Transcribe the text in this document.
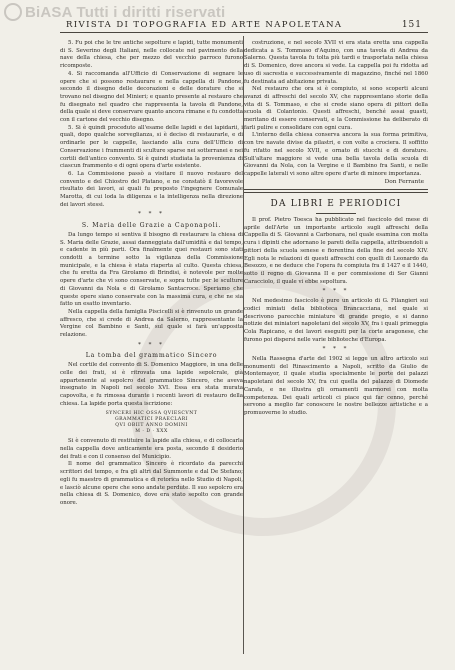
BiASA Tutti i diritti riservati
RIVISTA DI TOPOGRAFIA ED ARTE NAPOLETANA	151

5. Fu poi che le tre antiche sepolture e lapidi, tutte monumenti di S. Severino degli Italiani, nelle collocate nel pavimento della nave della chiesa, che per mezzo del vecchio parroco furono ricomposte.

4. Si raccomanda all'Ufficio di Conservazione di segnare le opere che si possono restaurare e nella cappella di Pandone, secondo il disegno delle decorazioni e delle dorature che si trovano nel disegno del Minieri; e quanto presente al restauro che fu disegnato nel quadro che rappresenta la tavola di Pandone, della quale si deve conservare quanto ancora rimane e fu condotta con il cartone del vecchio disegno.

5. Si è quindi proceduto all'esame delle lapidi e dei lapidarii, i quali, dopo qualche sorveglianza, si è deciso di restaurarle, e di ordinarle per le cappelle, lasciando alla cura dell'Ufficio di Conservazione i frammenti di sculture sparse nei sotterranei e nei cortili dell'antico convento. Si è quindi studiata la provenienza di ciascun frammento e di ogni opera d'arte esistente.

6. La Commissione passò a visitare il nuovo restauro del convento e del Chiostro del Platano, e ne constatò il favorevole risultato dei lavori, ai quali fu preposto l'ingegnere Comunale Marotta, di cui loda la diligenza e la intelligenza nella direzione dei lavori stessi.

* * *
S. Maria delle Grazie a Caponapoli.

Da lungo tempo si sentiva il bisogno di restaurare la chiesa di S. Maria delle Grazie, assai danneggiata dall'umidità e dal tempo, e cadente in più parti. Ora finalmente quei restauri sono stati condotti a termine sotto la vigilanza della Commissione municipale, e la chiesa è stata riaperta al culto. Questa chiesa, che fu eretta da Fra Girolamo di Brindisi, è notevole per molte opere d'arte che vi sono conservate, e sopra tutte per le sculture di Giovanni da Nola e di Girolamo Santacroce. Speriamo che queste opere siano conservate con la massima cura, e che ne sia fatto un esatto inventario.

Nella cappella della famiglia Piscicelli si è rinvenuto un grande affresco, che si crede di Andrea da Salerno, rappresentante la Vergine col Bambino e Santi, sul quale si farà un'apposita relazione.

* * *
La tomba del grammatico Sincero

Nel cortile del convento di S. Domenico Maggiore, in una delle celle dei frati, si è ritrovata una lapide sepolcrale, già appartenente al sepolcro del grammatico Sincero, che aveva insegnato in Napoli nel secolo XVI. Essa era stata murata capovolta, e fu rimossa durante i recenti lavori di restauro della chiesa. La lapide porta questa iscrizione:

SYNCERI HIC OSSA QVIESCVNT
GRAMMATICI PRAECLARI
QVI OBIIT ANNO DOMINI
M · D · XXX

Si è convenuto di restituire la lapide alla chiesa, e di collocarla nella cappella dove anticamente era posta, secondo il desiderio dei frati e con il consenso del Municipio.

Il nome del grammatico Sincero è ricordato da parecchi scrittori del tempo, e fra gli altri dal Summonte e dal De Stefano; egli fu maestro di grammatica e di retorica nello Studio di Napoli, e lasciò alcune opere che sono andate perdute. Il suo sepolcro era nella chiesa di S. Domenico, dove era stato sepolto con grande onore.

costruzione, e nel secolo XVII vi era stata eretta una cappella dedicata a S. Tommaso d'Aquino, con una tavola di Andrea da Salerno. Questa tavola fu tolta più tardi e trasportata nella chiesa di S. Domenico, dove ancora si vede. La cappella poi fu ridotta ad uso di sacrestia e successivamente di magazzino, finché nel 1860 fu destinata ad abitazione privata.

Nel restauro che ora si è compiuto, si sono scoperti alcuni avanzi di affreschi del secolo XV, che rappresentano storie della vita di S. Tommaso, e che si crede siano opera di pittori della scuola di Colantonio. Questi affreschi, benché assai guasti, meritano di essere conservati, e la Commissione ha deliberato di farli pulire e consolidare con ogni cura.

L'interno della chiesa conserva ancora la sua forma primitiva, con tre navate divise da pilastri, e con volte a crociera. Il soffitto fu rifatto nel secolo XVII, e ornato di stucchi e di dorature. Sull'altare maggiore si vede una bella tavola della scuola di Giovanni da Nola, con la Vergine e il Bambino fra Santi, e nelle cappelle laterali vi sono altre opere d'arte di minore importanza.

Don Ferrante
DA LIBRI E PERIODICI

Il prof. Pietro Toesca ha pubblicato nel fascicolo del mese di aprile dell'Arte un importante articolo sugli affreschi della Cappella di S. Giovanni a Carbonara, nel quale esamina con molta cura i dipinti che adornano le pareti della cappella, attribuendoli a pittori della scuola senese e fiorentina della fine del secolo XIV. Egli nota le relazioni di questi affreschi con quelli di Leonardo da Besozzo, e ne deduce che l'opera fu compiuta fra il 1427 e il 1440, sotto il regno di Giovanna II e per commissione di Ser Gianni Caracciolo, il quale vi ebbe sepoltura.

* * *

Nel medesimo fascicolo è pure un articolo di G. Filangieri sui codici miniati della biblioteca Brancacciana, nel quale si descrivono parecchie miniature di grande pregio, e si danno notizie dei miniatori napoletani del secolo XV, fra i quali primeggia Cola Rapicano, e dei lavori eseguiti per la corte aragonese, che furono poi dispersi nelle varie biblioteche d'Europa.

* * *

Nella Rassegna d'arte del 1902 si legge un altro articolo sui monumenti del Rinascimento a Napoli, scritto da Giulio de Montemayor, il quale studia specialmente le porte dei palazzi napoletani del secolo XV, fra cui quella del palazzo di Diomede Carafa, e ne illustra gli ornamenti marmorei con molta competenza. Dei quali articoli ci piace qui far cenno, perché servono a meglio far conoscere le nostre bellezze artistiche e a promuoverne lo studio.
